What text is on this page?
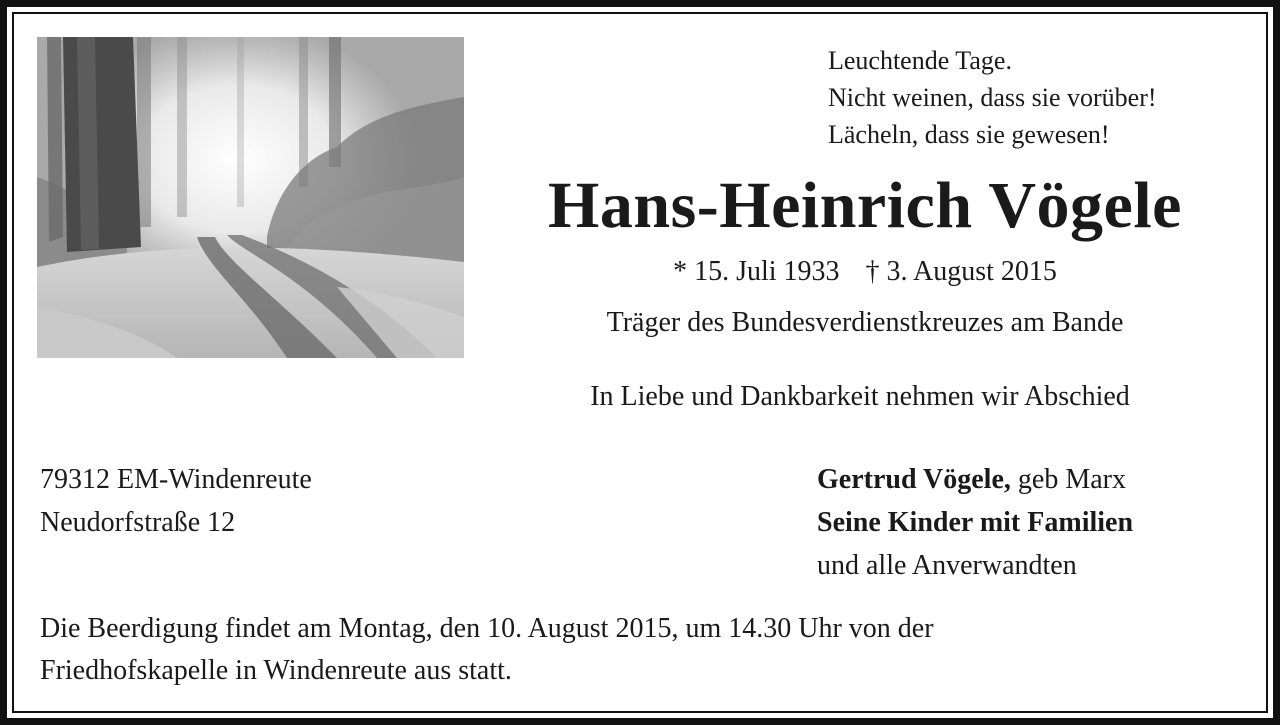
Leuchtende Tage.
Nicht weinen, dass sie vorüber!
Lächeln, dass sie gewesen!
Hans-Heinrich Vögele
* 15. Juli 1933 † 3. August 2015
Träger des Bundesverdienstkreuzes am Bande
In Liebe und Dankbarkeit nehmen wir Abschied
79312 EM-Windenreute
Neudorfstraße 12
Gertrud Vögele, geb Marx
Seine Kinder mit Familien
und alle Anverwandten
Die Beerdigung findet am Montag, den 10. August 2015, um 14.30 Uhr von der
Friedhofskapelle in Windenreute aus statt.
